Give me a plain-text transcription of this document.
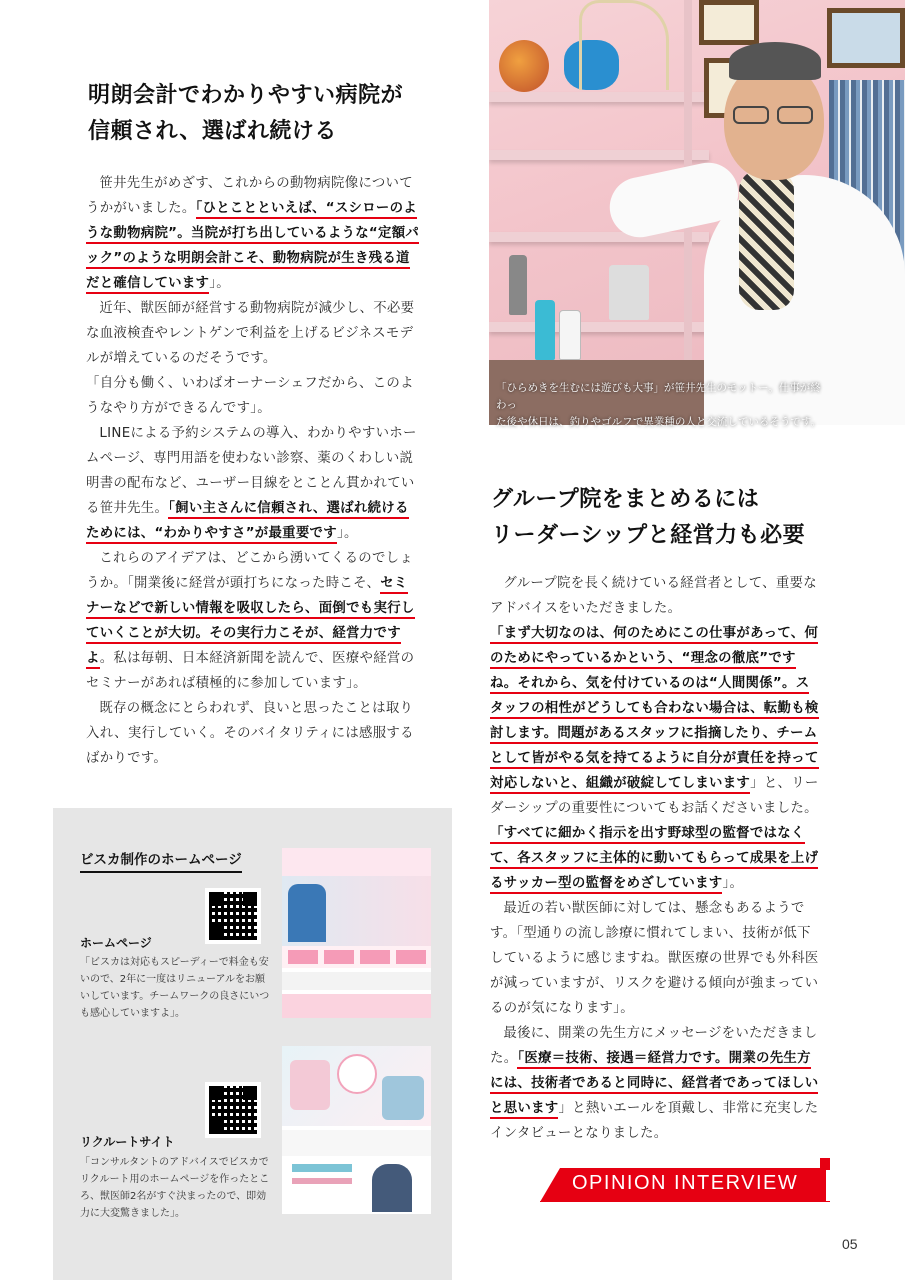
明朗会計でわかりやすい病院が
信頼され、選ばれ続ける

笹井先生がめざす、これからの動物病院像についてうかがいました。「ひとことといえば、“スシローのような動物病院”。当院が打ち出しているような“定額パック”のような明朗会計こそ、動物病院が生き残る道だと確信しています」。

近年、獣医師が経営する動物病院が減少し、不必要な血液検査やレントゲンで利益を上げるビジネスモデルが増えているのだそうです。

「自分も働く、いわばオーナーシェフだから、このようなやり方ができるんです」。

LINEによる予約システムの導入、わかりやすいホームページ、専門用語を使わない診察、薬のくわしい説明書の配布など、ユーザー目線をとことん貫かれている笹井先生。「飼い主さんに信頼され、選ばれ続けるためには、“わかりやすさ”が最重要です」。

これらのアイデアは、どこから湧いてくるのでしょうか。「開業後に経営が頭打ちになった時こそ、セミナーなどで新しい情報を吸収したら、面倒でも実行していくことが大切。その実行力こそが、経営力ですよ。私は毎朝、日本経済新聞を読んで、医療や経営のセミナーがあれば積極的に参加しています」。

既存の概念にとらわれず、良いと思ったことは取り入れ、実行していく。そのバイタリティには感服するばかりです。

「ひらめきを生むには遊びも大事」が笹井先生のモットー。仕事が終わっ
た後や休日は、釣りやゴルフで異業種の人と交流しているそうです。
グループ院をまとめるには
リーダーシップと経営力も必要

グループ院を長く続けている経営者として、重要なアドバイスをいただきました。

「まず大切なのは、何のためにこの仕事があって、何のためにやっているかという、“理念の徹底”ですね。それから、気を付けているのは“人間関係”。スタッフの相性がどうしても合わない場合は、転勤も検討します。問題があるスタッフに指摘したり、チームとして皆がやる気を持てるように自分が責任を持って対応しないと、組織が破綻してしまいます」と、リーダーシップの重要性についてもお話くださいました。「すべてに細かく指示を出す野球型の監督ではなくて、各スタッフに主体的に動いてもらって成果を上げるサッカー型の監督をめざしています」。

最近の若い獣医師に対しては、懸念もあるようです。「型通りの流し診療に慣れてしまい、技術が低下しているように感じますね。獣医療の世界でも外科医が減っていますが、リスクを避ける傾向が強まっているのが気になります」。

最後に、開業の先生方にメッセージをいただきました。「医療＝技術、接遇＝経営力です。開業の先生方には、技術者であると同時に、経営者であってほしいと思います」と熱いエールを頂戴し、非常に充実したインタビューとなりました。

ビスカ制作のホームページ
ホームページ
「ビスカは対応もスピーディーで料金も安いので、2年に一度はリニューアルをお願いしています。チームワークの良さにいつも感心していますよ」。
リクルートサイト
「コンサルタントのアドバイスでビスカでリクルート用のホームページを作ったところ、獣医師2名がすぐ決まったので、即効力に大変驚きました」。
OPINION INTERVIEW
05
